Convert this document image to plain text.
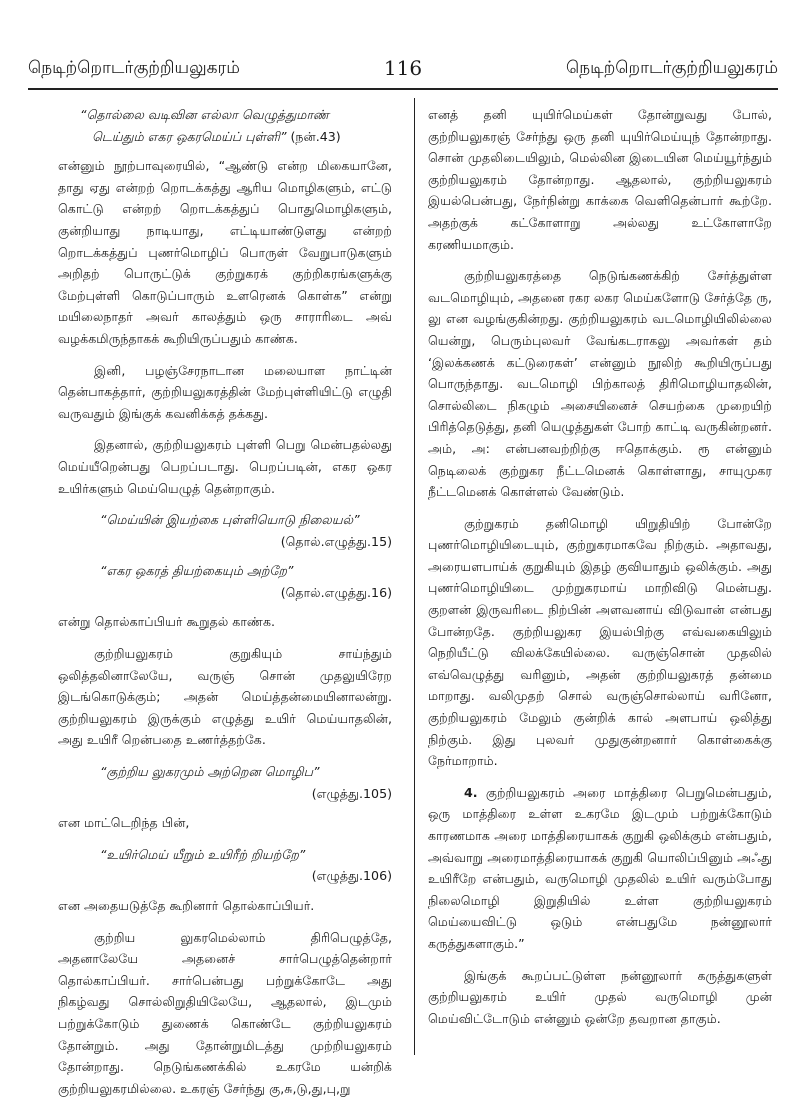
நெடிற்றொடர்குற்றியலுகரம்	116	நெடிற்றொடர்குற்றியலுகரம்

“தொல்லை வடிவின எல்லா வெழுத்துமாண்

டெய்தும் எகர ஒகரமெய்ப் புள்ளி” (நன்.43)

என்னும் நூற்பாவுரையில், “ஆண்டு என்ற மிகையானே, தாது ஏது என்றற் றொடக்கத்து ஆரிய மொழிகளும், எட்டு கொட்டு என்றற் றொடக்கத்துப் பொதுமொழிகளும், குன்றியாது நாடியாது, எட்டியாண்டுளது என்றற் றொடக்கத்துப் புணர்மொழிப் பொருள் வேறுபாடுகளும் அறிதற் பொருட்டுக் குற்றுகரக் குற்றிகரங்களுக்கு மேற்புள்ளி கொடுப்பாரும் உளரெனக் கொள்க” என்று மயிலைநாதர் அவர் காலத்தும் ஒரு சாராரிடை அவ் வழக்கமிருந்தாகக் கூறியிருப்பதும் காண்க.

இனி, பழஞ்சேரநாடான மலையாள நாட்டின் தென்பாகத்தார், குற்றியலுகரத்தின் மேற்புள்ளியிட்டு எழுதி வருவதும் இங்குக் கவனிக்கத் தக்கது.

இதனால், குற்றியலுகரம் புள்ளி பெறு மென்பதல்லது மெய்யீறென்பது பெறப்படாது. பெறப்படின், எகர ஒகர உயிர்களும் மெய்யெழுத் தென்றாகும்.

“மெய்யின் இயற்கை புள்ளியொடு நிலையல்”

(தொல்.எழுத்து.15)

“எகர ஒகரத் தியற்கையும் அற்றே”

(தொல்.எழுத்து.16)

என்று தொல்காப்பியர் கூறுதல் காண்க.

குற்றியலுகரம் குறுகியும் சாய்ந்தும் ஒலித்தலினாலேயே, வருஞ் சொன் முதலுயிரேற இடங்கொடுக்கும்; அதன் மெய்த்தன்மையினாலன்று. குற்றியலுகரம் இருக்கும் எழுத்து உயிர் மெய்யாதலின், அது உயிரீ றென்பதை உணர்த்தற்கே.

“குற்றிய லுகரமும் அற்றென மொழிப”

(எழுத்து.105)

என மாட்டெறிந்த பின்,

“உயிர்மெய் யீறும் உயிரீற் றியற்றே”

(எழுத்து.106)

என அதையடுத்தே கூறினார் தொல்காப்பியர்.

குற்றிய லுகரமெல்லாம் திரிபெழுத்தே, அதனாலேயே அதனைச் சார்பெழுத்தென்றார் தொல்காப்பியர். சார்பென்பது பற்றுக்கோடே அது நிகழ்வது சொல்லிறுதியிலேயே, ஆதலால், இடமும் பற்றுக்கோடும் துணைக் கொண்டே குற்றியலுகரம் தோன்றும். அது தோன்றுமிடத்து முற்றியலுகரம் தோன்றாது. நெடுங்கணக்கில் உகரமே யன்றிக் குற்றியலுகரமில்லை. உகரஞ் சேர்ந்து கு,சு,டு,து,பு,று

எனத் தனி யுயிர்மெய்கள் தோன்றுவது போல், குற்றியலுகரஞ் சேர்ந்து ஒரு தனி யுயிர்மெய்யுந் தோன்றாது. சொன் முதலிடையிலும், மெல்லின இடையின மெய்யூர்ந்தும் குற்றியலுகரம் தோன்றாது. ஆதலால், குற்றியலுகரம் இயல்பென்பது, நேர்நின்று காக்கை வெளிதென்பார் கூற்றே. அதற்குக் கட்கோளாறு அல்லது உட்கோளாறே கரணியமாகும்.

குற்றியலுகரத்தை நெடுங்கணக்கிற் சேர்த்துள்ள வடமொழியும், அதனை ரகர லகர மெய்களோடு சேர்த்தே ரு, லு என வழங்குகின்றது. குற்றியலுகரம் வடமொழியிலில்லை யென்று, பெரும்புலவர் வேங்கடராகலு அவர்கள் தம் ‘இலக்கணக் கட்டுரைகள்’ என்னும் நூலிற் கூறியிருப்பது பொருந்தாது. வடமொழி பிற்காலத் திரிமொழியாதலின், சொல்லிடை நிகழும் அசையினைச் செயற்கை முறையிற் பிரித்தெடுத்து, தனி யெழுத்துகள் போற் காட்டி வருகின்றனர். அம், அ: என்பனவற்றிற்கு ஈதொக்கும். ரூ என்னும் நெடிலைக் குற்றுகர நீட்டமெனக் கொள்ளாது, சாயுமுகர நீட்டமெனக் கொள்ளல் வேண்டும்.

குற்றுகரம் தனிமொழி யிறுதியிற் போன்றே புணர்மொழியிடையும், குற்றுகரமாகவே நிற்கும். அதாவது, அரையளபாய்க் குறுகியும் இதழ் குவியாதும் ஒலிக்கும். அது புணர்மொழியிடை முற்றுகரமாய் மாறிவிடு மென்பது. குறளன் இருவரிடை நிற்பின் அளவனாய் விடுவான் என்பது போன்றதே. குற்றியலுகர இயல்பிற்கு எவ்வகையிலும் நெறியீட்டு விலக்கேயில்லை. வருஞ்சொன் முதலில் எவ்வெழுத்து வரினும், அதன் குற்றியலுகரத் தன்மை மாறாது. வலிமுதற் சொல் வருஞ்சொல்லாய் வரினோ, குற்றியலுகரம் மேலும் குன்றிக் கால் அளபாய் ஒலித்து நிற்கும். இது புலவர் முதுகுன்றனார் கொள்கைக்கு நேர்மாறாம்.

4. குற்றியலுகரம் அரை மாத்திரை பெறுமென்பதும், ஒரு மாத்திரை உள்ள உகரமே இடமும் பற்றுக்கோடும் காரணமாக அரை மாத்திரையாகக் குறுகி ஒலிக்கும் என்பதும், அவ்வாறு அரைமாத்திரையாகக் குறுகி யொலிப்பினும் அஃது உயிரீறே என்பதும், வருமொழி முதலில் உயிர் வரும்போது நிலைமொழி இறுதியில் உள்ள குற்றியலுகரம் மெய்யைவிட்டு ஒடும் என்பதுமே நன்னூலார் கருத்துகளாகும்.”

இங்குக் கூறப்பட்டுள்ள நன்னூலார் கருத்துகளுள் குற்றியலுகரம் உயிர் முதல் வருமொழி முன் மெய்விட்டோடும் என்னும் ஒன்றே தவறான தாகும்.
